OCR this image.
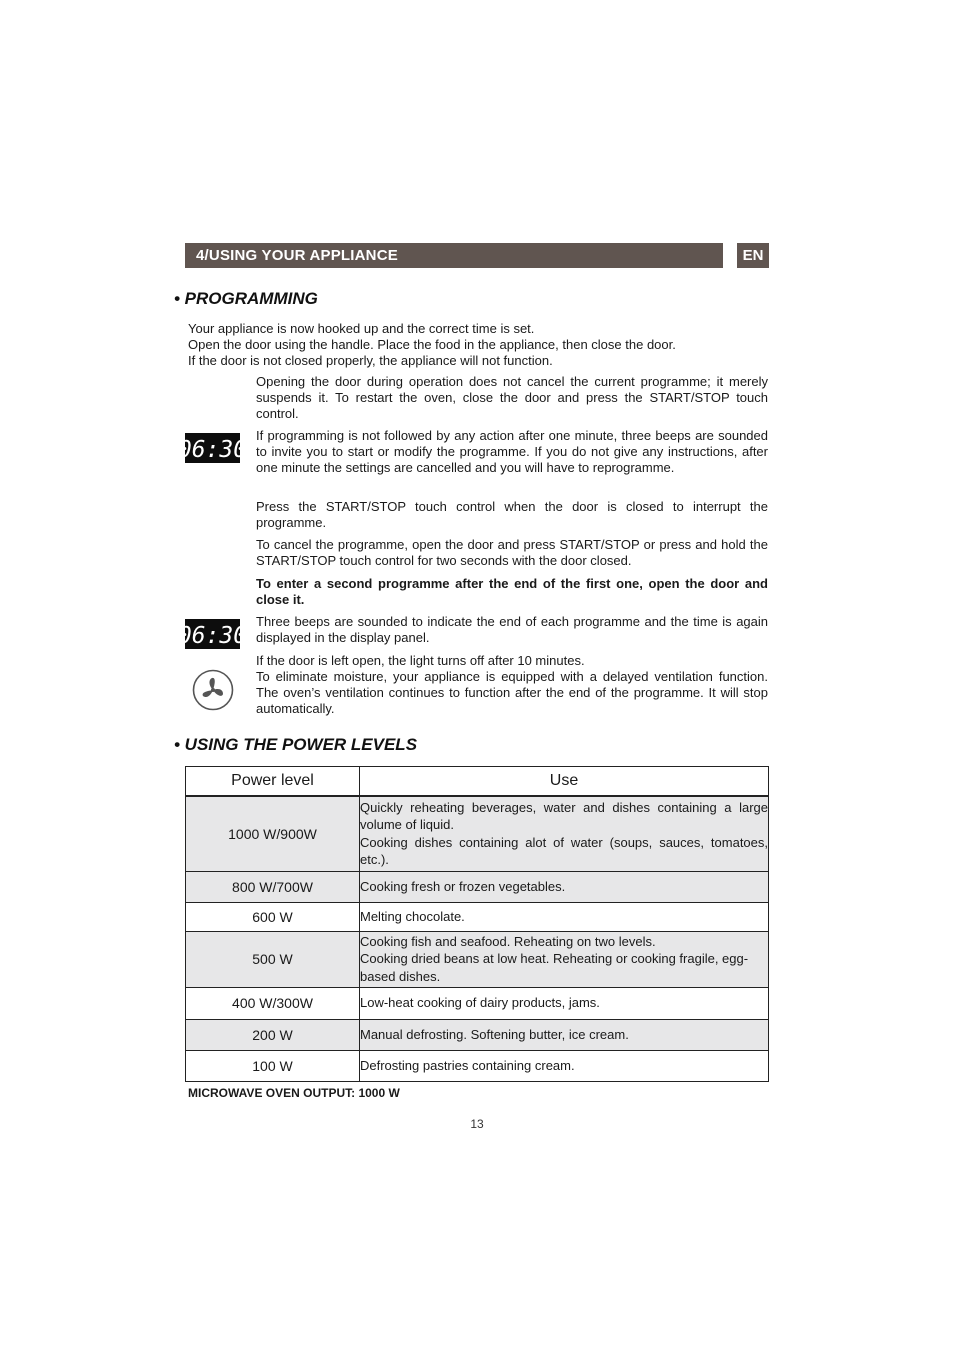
4/USING YOUR APPLIANCE	EN
• PROGRAMMING
Your appliance is now hooked up and the correct time is set.
Open the door using the handle. Place the food in the appliance, then close the door.
If the door is not closed properly, the appliance will not function.
Opening the door during operation does not cancel the current programme; it merely suspends it. To restart the oven, close the door and press the START/STOP touch control.
06:30
If programming is not followed by any action after one minute, three beeps are sounded to invite you to start or modify the programme. If you do not give any instructions, after one minute the settings are cancelled and you will have to reprogramme.
Press the START/STOP touch control when the door is closed to interrupt the programme.
To cancel the programme, open the door and press START/STOP or press and hold the START/STOP touch control for two seconds with the door closed.
To enter a second programme after the end of the first one, open the door and close it.
06:30
Three beeps are sounded to indicate the end of each programme and the time is again displayed in the display panel.
If the door is left open, the light turns off after 10 minutes.
To eliminate moisture, your appliance is equipped with a delayed ventilation function. The oven’s ventilation continues to function after the end of the programme. It will stop automatically.
• USING THE POWER LEVELS
Power level	Use
1000 W/900W	Quickly reheating beverages, water and dishes containing a large volume of liquid.
Cooking dishes containing alot of water (soups, sauces, tomatoes, etc.).

800 W/700W	Cooking fresh or frozen vegetables.

600 W	Melting chocolate.

500 W	Cooking fish and seafood. Reheating on two levels.
Cooking dried beans at low heat. Reheating or cooking fragile, egg-based dishes.

400 W/300W	Low-heat cooking of dairy products, jams.

200 W	Manual defrosting. Softening butter, ice cream.

100 W	Defrosting pastries containing cream.
MICROWAVE OVEN OUTPUT: 1000 W
13
